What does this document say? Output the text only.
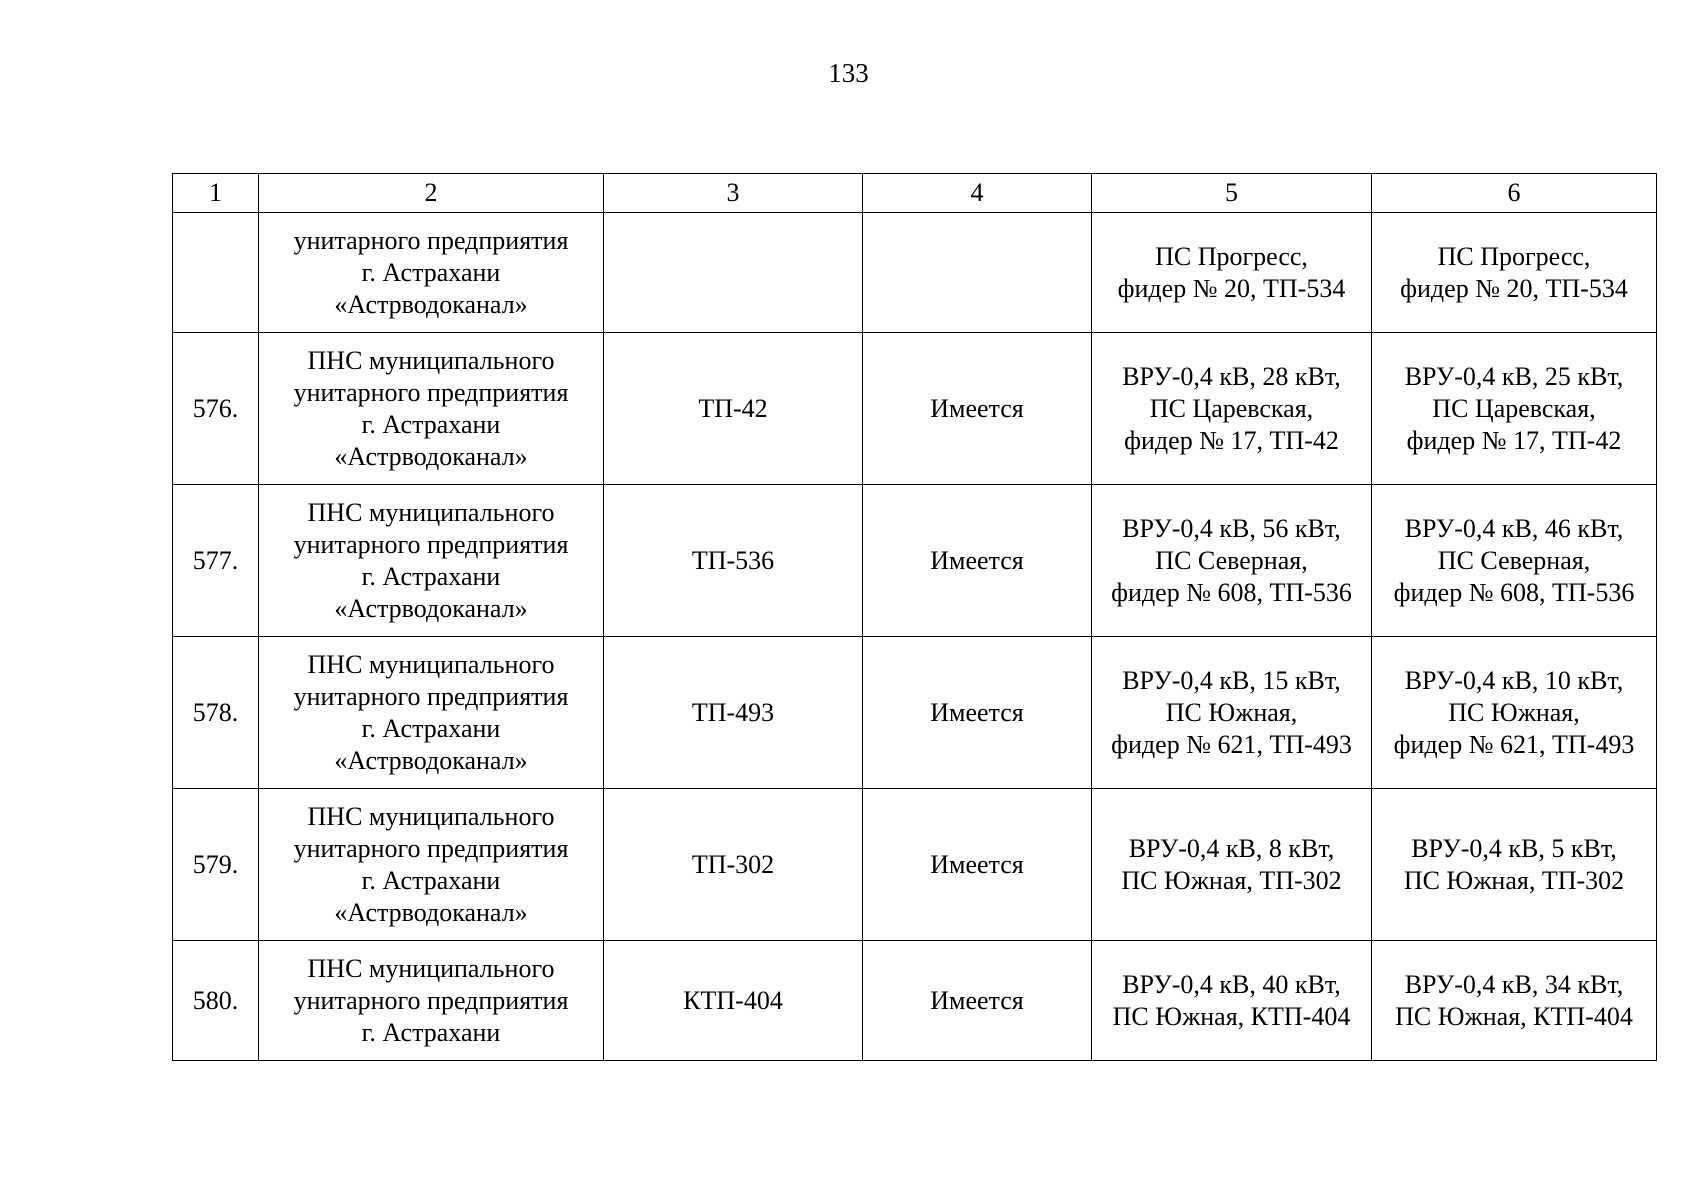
133
1	2	3	4	5	6

	унитарного предприятия
г. Астрахани
«Астрводоканал»			ПС Прогресс,
фидер № 20, ТП-534	ПС Прогресс,
фидер № 20, ТП-534

576.	ПНС муниципального
унитарного предприятия
г. Астрахани
«Астрводоканал»	ТП-42	Имеется	ВРУ-0,4 кВ, 28 кВт,
ПС Царевская,
фидер № 17, ТП-42	ВРУ-0,4 кВ, 25 кВт,
ПС Царевская,
фидер № 17, ТП-42

577.	ПНС муниципального
унитарного предприятия
г. Астрахани
«Астрводоканал»	ТП-536	Имеется	ВРУ-0,4 кВ, 56 кВт,
ПС Северная,
фидер № 608, ТП-536	ВРУ-0,4 кВ, 46 кВт,
ПС Северная,
фидер № 608, ТП-536

578.	ПНС муниципального
унитарного предприятия
г. Астрахани
«Астрводоканал»	ТП-493	Имеется	ВРУ-0,4 кВ, 15 кВт,
ПС Южная,
фидер № 621, ТП-493	ВРУ-0,4 кВ, 10 кВт,
ПС Южная,
фидер № 621, ТП-493

579.	ПНС муниципального
унитарного предприятия
г. Астрахани
«Астрводоканал»	ТП-302	Имеется	ВРУ-0,4 кВ, 8 кВт,
ПС Южная, ТП-302	ВРУ-0,4 кВ, 5 кВт,
ПС Южная, ТП-302

580.	ПНС муниципального
унитарного предприятия
г. Астрахани	КТП-404	Имеется	ВРУ-0,4 кВ, 40 кВт,
ПС Южная, КТП-404	ВРУ-0,4 кВ, 34 кВт,
ПС Южная, КТП-404
